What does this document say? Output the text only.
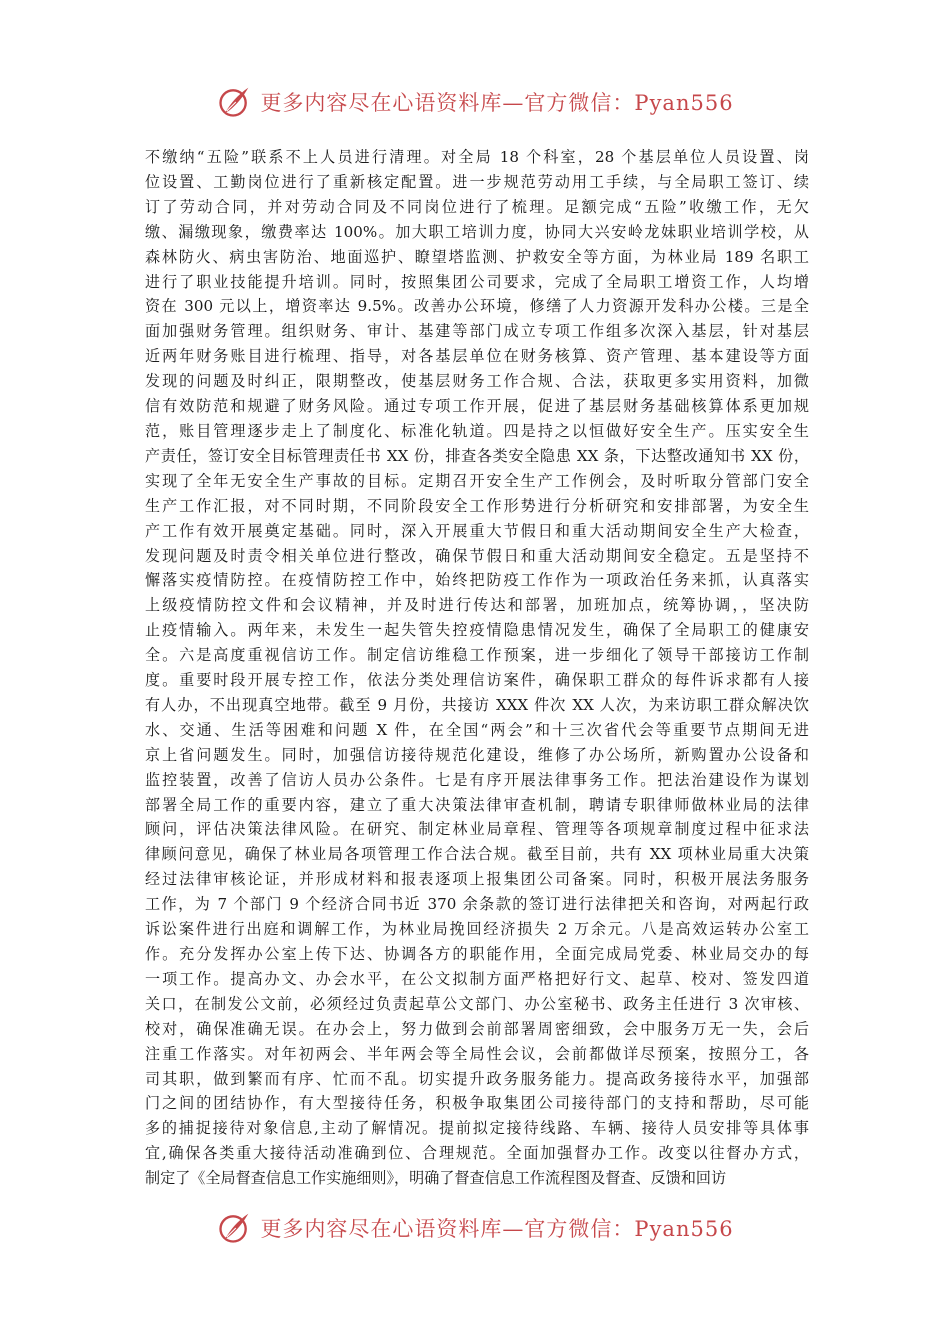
更多内容尽在心语资料库—官方微信：Pyan556
不缴纳“五险”联系不上人员进行清理。对全局 18 个科室，28 个基层单位人员设置、岗
位设置、工勤岗位进行了重新核定配置。进一步规范劳动用工手续，与全局职工签订、续
订了劳动合同，并对劳动合同及不同岗位进行了梳理。足额完成“五险”收缴工作，无欠
缴、漏缴现象，缴费率达 100%。加大职工培训力度，协同大兴安岭龙妹职业培训学校，从
森林防火、病虫害防治、地面巡护、瞭望塔监测、护救安全等方面，为林业局 189 名职工
进行了职业技能提升培训。同时，按照集团公司要求，完成了全局职工增资工作，人均增
资在 300 元以上，增资率达 9.5%。改善办公环境，修缮了人力资源开发科办公楼。三是全
面加强财务管理。组织财务、审计、基建等部门成立专项工作组多次深入基层，针对基层
近两年财务账目进行梳理、指导，对各基层单位在财务核算、资产管理、基本建设等方面
发现的问题及时纠正，限期整改，使基层财务工作合规、合法，获取更多实用资料，加微
信有效防范和规避了财务风险。通过专项工作开展，促进了基层财务基础核算体系更加规
范，账目管理逐步走上了制度化、标准化轨道。四是持之以恒做好安全生产。压实安全生
产责任，签订安全目标管理责任书 XX 份，排查各类安全隐患 XX 条，下达整改通知书 XX 份，
实现了全年无安全生产事故的目标。定期召开安全生产工作例会，及时听取分管部门安全
生产工作汇报，对不同时期，不同阶段安全工作形势进行分析研究和安排部署，为安全生
产工作有效开展奠定基础。同时，深入开展重大节假日和重大活动期间安全生产大检查，
发现问题及时责令相关单位进行整改，确保节假日和重大活动期间安全稳定。五是坚持不
懈落实疫情防控。在疫情防控工作中，始终把防疫工作作为一项政治任务来抓，认真落实
上级疫情防控文件和会议精神，并及时进行传达和部署，加班加点，统筹协调，，坚决防
止疫情输入。两年来，未发生一起失管失控疫情隐患情况发生，确保了全局职工的健康安
全。六是高度重视信访工作。制定信访维稳工作预案，进一步细化了领导干部接访工作制
度。重要时段开展专控工作，依法分类处理信访案件，确保职工群众的每件诉求都有人接
有人办，不出现真空地带。截至 9 月份，共接访 XXX 件次 XX 人次，为来访职工群众解决饮
水、交通、生活等困难和问题 X 件，在全国“两会”和十三次省代会等重要节点期间无进
京上省问题发生。同时，加强信访接待规范化建设，维修了办公场所，新购置办公设备和
监控装置，改善了信访人员办公条件。七是有序开展法律事务工作。把法治建设作为谋划
部署全局工作的重要内容，建立了重大决策法律审查机制，聘请专职律师做林业局的法律
顾问，评估决策法律风险。在研究、制定林业局章程、管理等各项规章制度过程中征求法
律顾问意见，确保了林业局各项管理工作合法合规。截至目前，共有 XX 项林业局重大决策
经过法律审核论证，并形成材料和报表逐项上报集团公司备案。同时，积极开展法务服务
工作，为 7 个部门 9 个经济合同书近 370 余条款的签订进行法律把关和咨询，对两起行政
诉讼案件进行出庭和调解工作，为林业局挽回经济损失 2 万余元。八是高效运转办公室工
作。充分发挥办公室上传下达、协调各方的职能作用，全面完成局党委、林业局交办的每
一项工作。提高办文、办会水平，在公文拟制方面严格把好行文、起草、校对、签发四道
关口，在制发公文前，必须经过负责起草公文部门、办公室秘书、政务主任进行 3 次审核、
校对，确保准确无误。在办会上，努力做到会前部署周密细致，会中服务万无一失，会后
注重工作落实。对年初两会、半年两会等全局性会议，会前都做详尽预案，按照分工，各
司其职，做到繁而有序、忙而不乱。切实提升政务服务能力。提高政务接待水平，加强部
门之间的团结协作，有大型接待任务，积极争取集团公司接待部门的支持和帮助，尽可能
多的捕捉接待对象信息,主动了解情况。提前拟定接待线路、车辆、接待人员安排等具体事
宜,确保各类重大接待活动准确到位、合理规范。全面加强督办工作。改变以往督办方式，
制定了《全局督查信息工作实施细则》，明确了督查信息工作流程图及督查、反馈和回访
更多内容尽在心语资料库—官方微信：Pyan556
